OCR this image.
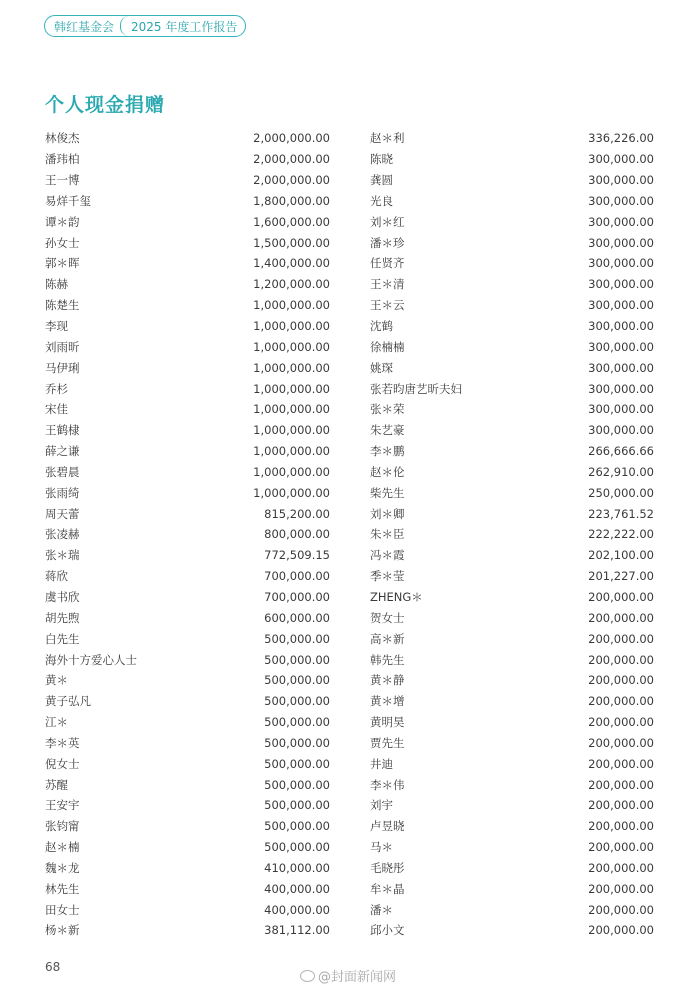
韩红基金会	2025 年度工作报告
个人现金捐赠
林俊杰	2,000,000.00
潘玮柏	2,000,000.00
王一博	2,000,000.00
易烊千玺	1,800,000.00
谭＊韵	1,600,000.00
孙女士	1,500,000.00
郭＊晖	1,400,000.00
陈赫	1,200,000.00
陈楚生	1,000,000.00
李现	1,000,000.00
刘雨昕	1,000,000.00
马伊琍	1,000,000.00
乔杉	1,000,000.00
宋佳	1,000,000.00
王鹤棣	1,000,000.00
薛之谦	1,000,000.00
张碧晨	1,000,000.00
张雨绮	1,000,000.00
周天蕾	815,200.00
张凌赫	800,000.00
张＊瑞	772,509.15
蒋欣	700,000.00
虞书欣	700,000.00
胡先煦	600,000.00
白先生	500,000.00
海外十方爱心人士	500,000.00
黄＊	500,000.00
黄子弘凡	500,000.00
江＊	500,000.00
李＊英	500,000.00
倪女士	500,000.00
苏醒	500,000.00
王安宇	500,000.00
张钧甯	500,000.00
赵＊楠	500,000.00
魏＊龙	410,000.00
林先生	400,000.00
田女士	400,000.00
杨＊新	381,112.00
赵＊利	336,226.00
陈晓	300,000.00
龚圆	300,000.00
光良	300,000.00
刘＊红	300,000.00
潘＊珍	300,000.00
任贤齐	300,000.00
王＊清	300,000.00
王＊云	300,000.00
沈鹤	300,000.00
徐楠楠	300,000.00
姚琛	300,000.00
张若昀唐艺昕夫妇	300,000.00
张＊荣	300,000.00
朱艺豪	300,000.00
李＊鹏	266,666.66
赵＊伦	262,910.00
柴先生	250,000.00
刘＊卿	223,761.52
朱＊臣	222,222.00
冯＊霞	202,100.00
季＊莹	201,227.00
ZHENG＊	200,000.00
贺女士	200,000.00
高＊新	200,000.00
韩先生	200,000.00
黄＊静	200,000.00
黄＊增	200,000.00
黄明昊	200,000.00
贾先生	200,000.00
井迪	200,000.00
李＊伟	200,000.00
刘宇	200,000.00
卢昱晓	200,000.00
马＊	200,000.00
毛晓彤	200,000.00
牟＊晶	200,000.00
潘＊	200,000.00
邱小文	200,000.00
68
@封面新闻网
